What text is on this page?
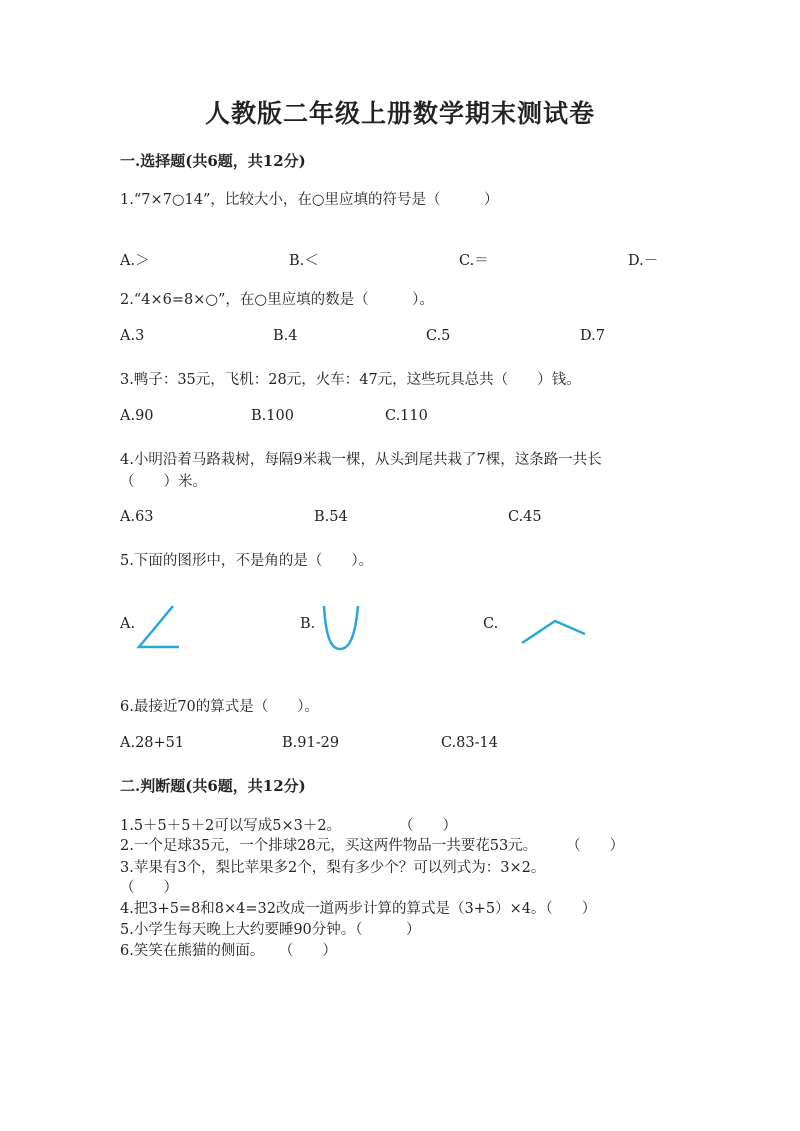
人教版二年级上册数学期末测试卷
一.选择题(共6题，共12分)
1.“7×7○14”，比较大小，在○里应填的符号是（　　　）
A.＞	B.＜	C.＝	D.－
2.“4×6=8×○”，在○里应填的数是（　　　）。
A.3	B.4	C.5	D.7
3.鸭子：35元，飞机：28元，火车：47元，这些玩具总共（　　）钱。
A.90	B.100	C.110
4.小明沿着马路栽树，每隔9米栽一棵，从头到尾共栽了7棵，这条路一共长
（　　）米。
A.63	B.54	C.45
5.下面的图形中，不是角的是（　　）。
A.	B.	C.
6.最接近70的算式是（　　）。
A.28+51	B.91-29	C.83-14
二.判断题(共6题，共12分)
1.5＋5＋5＋2可以写成5×3＋2。　　　　　（　　）
2.一个足球35元，一个排球28元，买这两件物品一共要花53元。　　　（　　）
3.苹果有3个，梨比苹果多2个，梨有多少个？可以列式为：3×2。
（　　）
4.把3+5=8和8×4=32改成一道两步计算的算式是（3+5）×4。（　　）
5.小学生每天晚上大约要睡90分钟。（　　　）
6.笑笑在熊猫的侧面。　　（　　）
